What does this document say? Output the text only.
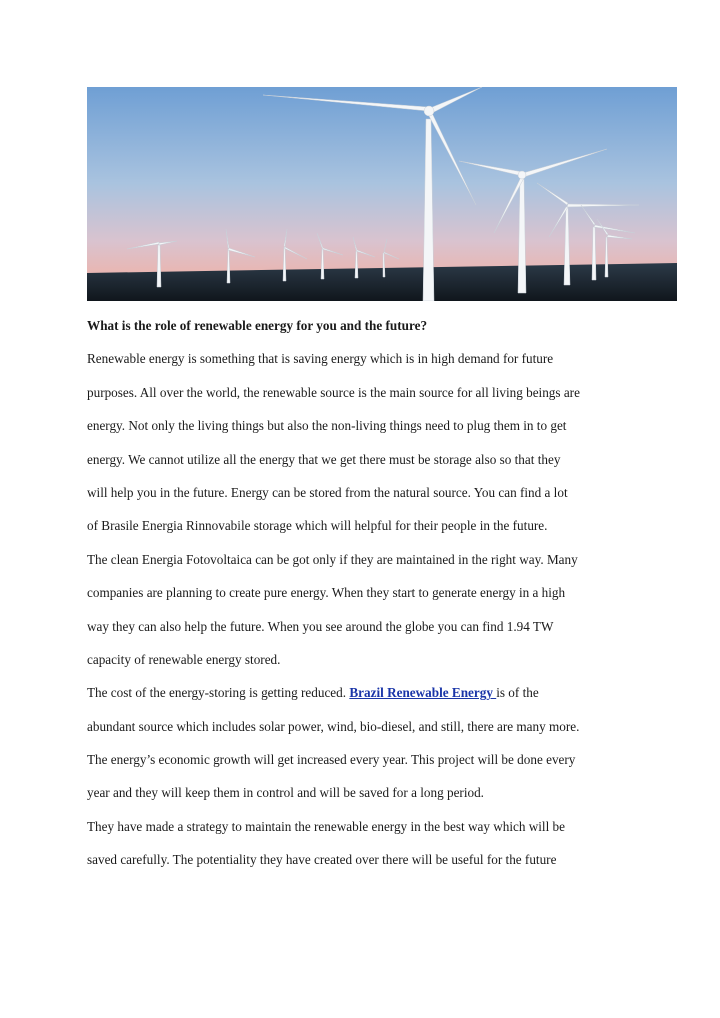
What is the role of renewable energy for you and the future?
Renewable energy is something that is saving energy which is in high demand for future
purposes. All over the world, the renewable source is the main source for all living beings are
energy. Not only the living things but also the non-living things need to plug them in to get
energy. We cannot utilize all the energy that we get there must be storage also so that they
will help you in the future. Energy can be stored from the natural source. You can find a lot
of Brasile Energia Rinnovabile storage which will helpful for their people in the future.
The clean Energia Fotovoltaica can be got only if they are maintained in the right way. Many
companies are planning to create pure energy. When they start to generate energy in a high
way they can also help the future. When you see around the globe you can find 1.94 TW
capacity of renewable energy stored.
The cost of the energy-storing is getting reduced. Brazil Renewable Energy is of the
abundant source which includes solar power, wind, bio-diesel, and still, there are many more.
The energy’s economic growth will get increased every year. This project will be done every
year and they will keep them in control and will be saved for a long period.
They have made a strategy to maintain the renewable energy in the best way which will be
saved carefully. The potentiality they have created over there will be useful for the future
